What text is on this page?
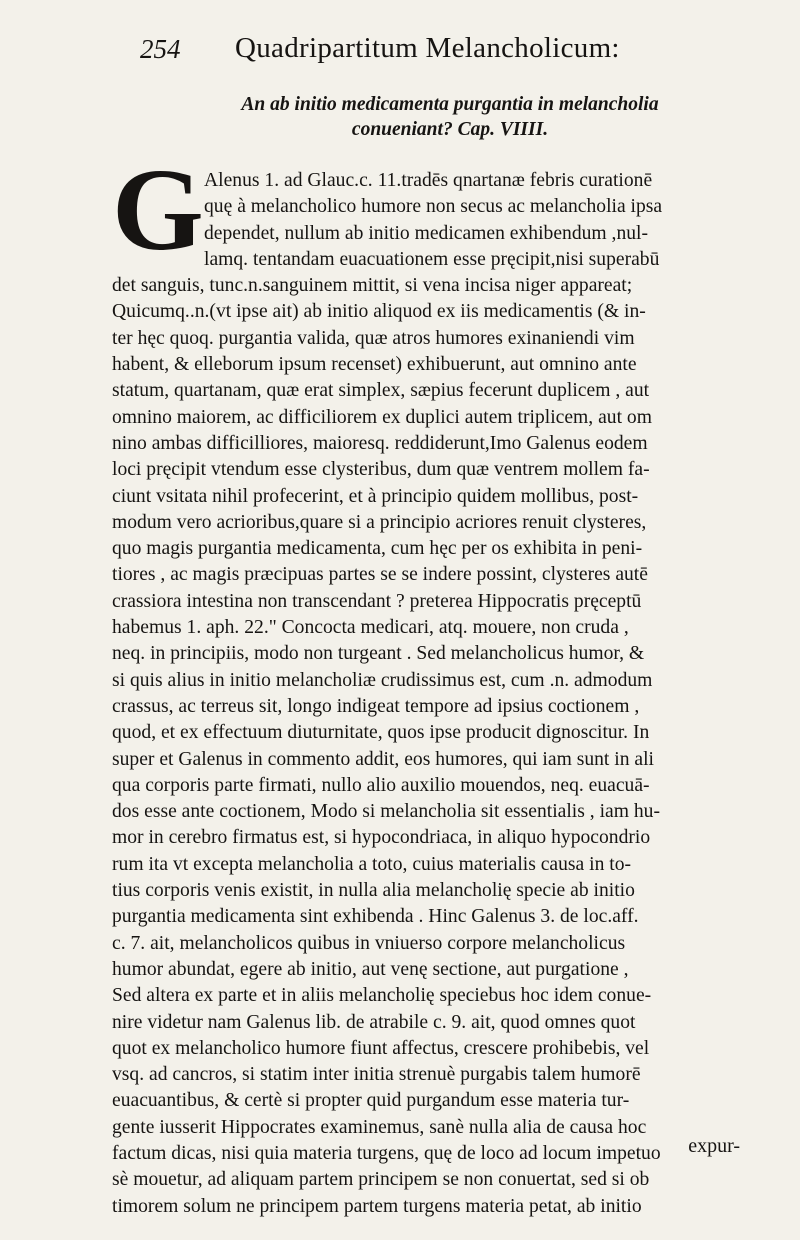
254 Quadripartitum Melancholicum:
An ab initio medicamenta purgantia in melancholia
conueniant? Cap. VIIII.
G Alenus 1. ad Glauc.c. 11.tradēs qnartanæ febris curationē
quę à melancholico humore non secus ac melancholia ipsa
dependet, nullum ab initio medicamen exhibendum ,nul-
lamq. tentandam euacuationem esse pręcipit,nisi superabū
det sanguis, tunc.n.sanguinem mittit, si vena incisa niger appareat;
Quicumq..n.(vt ipse ait) ab initio aliquod ex iis medicamentis (& in-
ter hęc quoq. purgantia valida, quæ atros humores exinaniendi vim
habent, & elleborum ipsum recenset) exhibuerunt, aut omnino ante
statum, quartanam, quæ erat simplex, sæpius fecerunt duplicem , aut
omnino maiorem, ac difficiliorem ex duplici autem triplicem, aut om
nino ambas difficilliores, maioresq. reddiderunt,Imo Galenus eodem
loci pręcipit vtendum esse clysteribus, dum quæ ventrem mollem fa-
ciunt vsitata nihil profecerint, et à principio quidem mollibus, post-
modum vero acrioribus,quare si a principio acriores renuit clysteres,
quo magis purgantia medicamenta, cum hęc per os exhibita in peni-
tiores , ac magis præcipuas partes se se indere possint, clysteres autē
crassiora intestina non transcendant ? preterea Hippocratis pręceptū
habemus 1. aph. 22." Concocta medicari, atq. mouere, non cruda ,
neq. in principiis, modo non turgeant . Sed melancholicus humor, &
si quis alius in initio melancholiæ crudissimus est, cum .n. admodum
crassus, ac terreus sit, longo indigeat tempore ad ipsius coctionem ,
quod, et ex effectuum diuturnitate, quos ipse producit dignoscitur. In
super et Galenus in commento addit, eos humores, qui iam sunt in ali
qua corporis parte firmati, nullo alio auxilio mouendos, neq. euacuā-
dos esse ante coctionem, Modo si melancholia sit essentialis , iam hu-
mor in cerebro firmatus est, si hypocondriaca, in aliquo hypocondrio
rum ita vt excepta melancholia a toto, cuius materialis causa in to-
tius corporis venis existit, in nulla alia melancholię specie ab initio
purgantia medicamenta sint exhibenda . Hinc Galenus 3. de loc.aff.
c. 7. ait, melancholicos quibus in vniuerso corpore melancholicus
humor abundat, egere ab initio, aut venę sectione, aut purgatione ,
Sed altera ex parte et in aliis melancholię speciebus hoc idem conue-
nire videtur nam Galenus lib. de atrabile c. 9. ait, quod omnes quot
quot ex melancholico humore fiunt affectus, crescere prohibebis, vel
vsq. ad cancros, si statim inter initia strenuè purgabis talem humorē
euacuantibus, & certè si propter quid purgandum esse materia tur-
gente iusserit Hippocrates examinemus, sanè nulla alia de causa hoc
factum dicas, nisi quia materia turgens, quę de loco ad locum impetuo
sè mouetur, ad aliquam partem principem se non conuertat, sed si ob
timorem solum ne principem partem turgens materia petat, ab initio
expur-
